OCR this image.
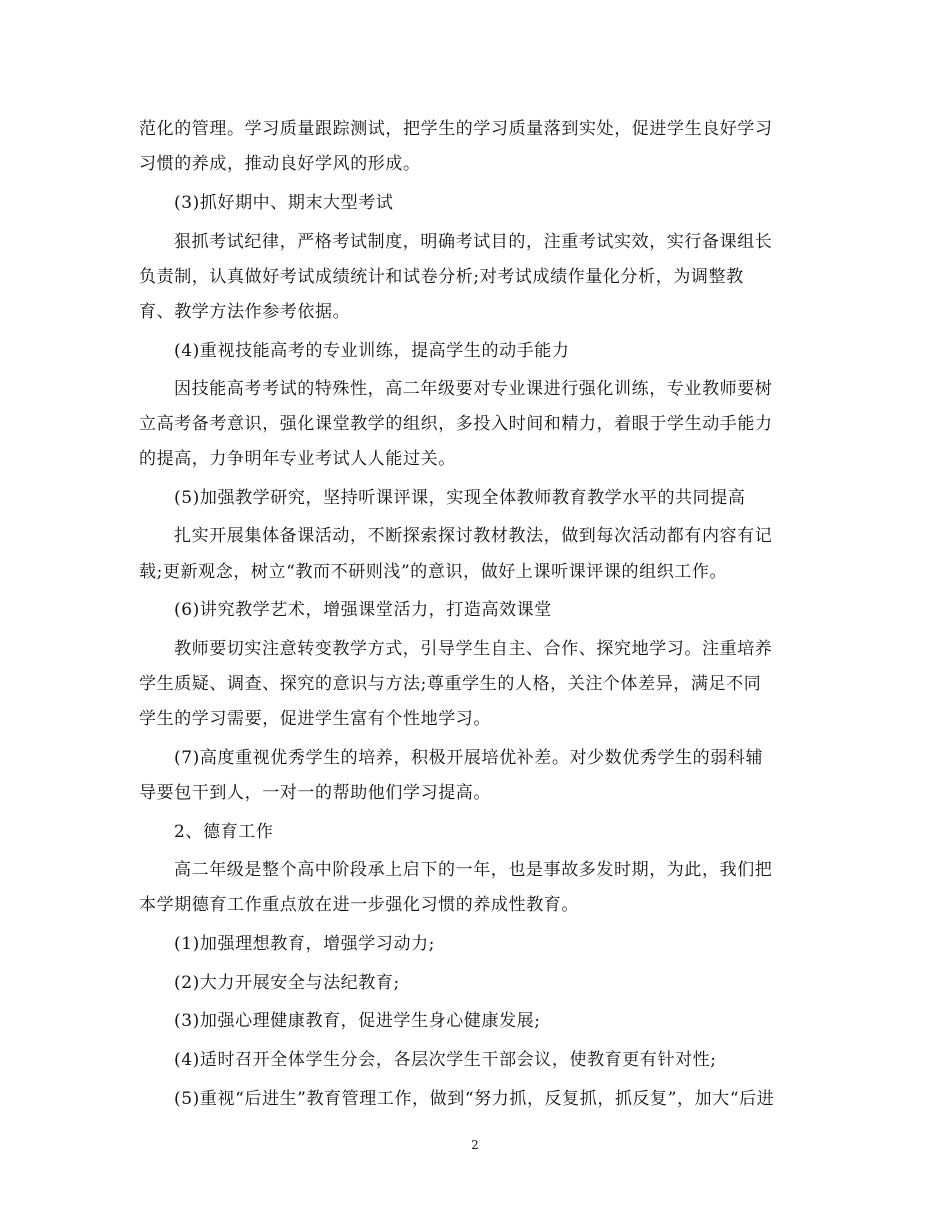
范化的管理。学习质量跟踪测试，把学生的学习质量落到实处，促进学生良好学习
习惯的养成，推动良好学风的形成。
(3)抓好期中、期末大型考试
狠抓考试纪律，严格考试制度，明确考试目的，注重考试实效，实行备课组长
负责制，认真做好考试成绩统计和试卷分析;对考试成绩作量化分析，为调整教
育、教学方法作参考依据。
(4)重视技能高考的专业训练，提高学生的动手能力
因技能高考考试的特殊性，高二年级要对专业课进行强化训练，专业教师要树
立高考备考意识，强化课堂教学的组织，多投入时间和精力，着眼于学生动手能力
的提高，力争明年专业考试人人能过关。
(5)加强教学研究，坚持听课评课，实现全体教师教育教学水平的共同提高
扎实开展集体备课活动，不断探索探讨教材教法，做到每次活动都有内容有记
载;更新观念，树立“教而不研则浅”的意识，做好上课听课评课的组织工作。
(6)讲究教学艺术，增强课堂活力，打造高效课堂
教师要切实注意转变教学方式，引导学生自主、合作、探究地学习。注重培养
学生质疑、调查、探究的意识与方法;尊重学生的人格，关注个体差异，满足不同
学生的学习需要，促进学生富有个性地学习。
(7)高度重视优秀学生的培养，积极开展培优补差。对少数优秀学生的弱科辅
导要包干到人，一对一的帮助他们学习提高。
2、德育工作
高二年级是整个高中阶段承上启下的一年，也是事故多发时期，为此，我们把
本学期德育工作重点放在进一步强化习惯的养成性教育。
(1)加强理想教育，增强学习动力;
(2)大力开展安全与法纪教育;
(3)加强心理健康教育，促进学生身心健康发展;
(4)适时召开全体学生分会，各层次学生干部会议，使教育更有针对性;
(5)重视“后进生”教育管理工作，做到“努力抓，反复抓，抓反复”，加大“后进
2
